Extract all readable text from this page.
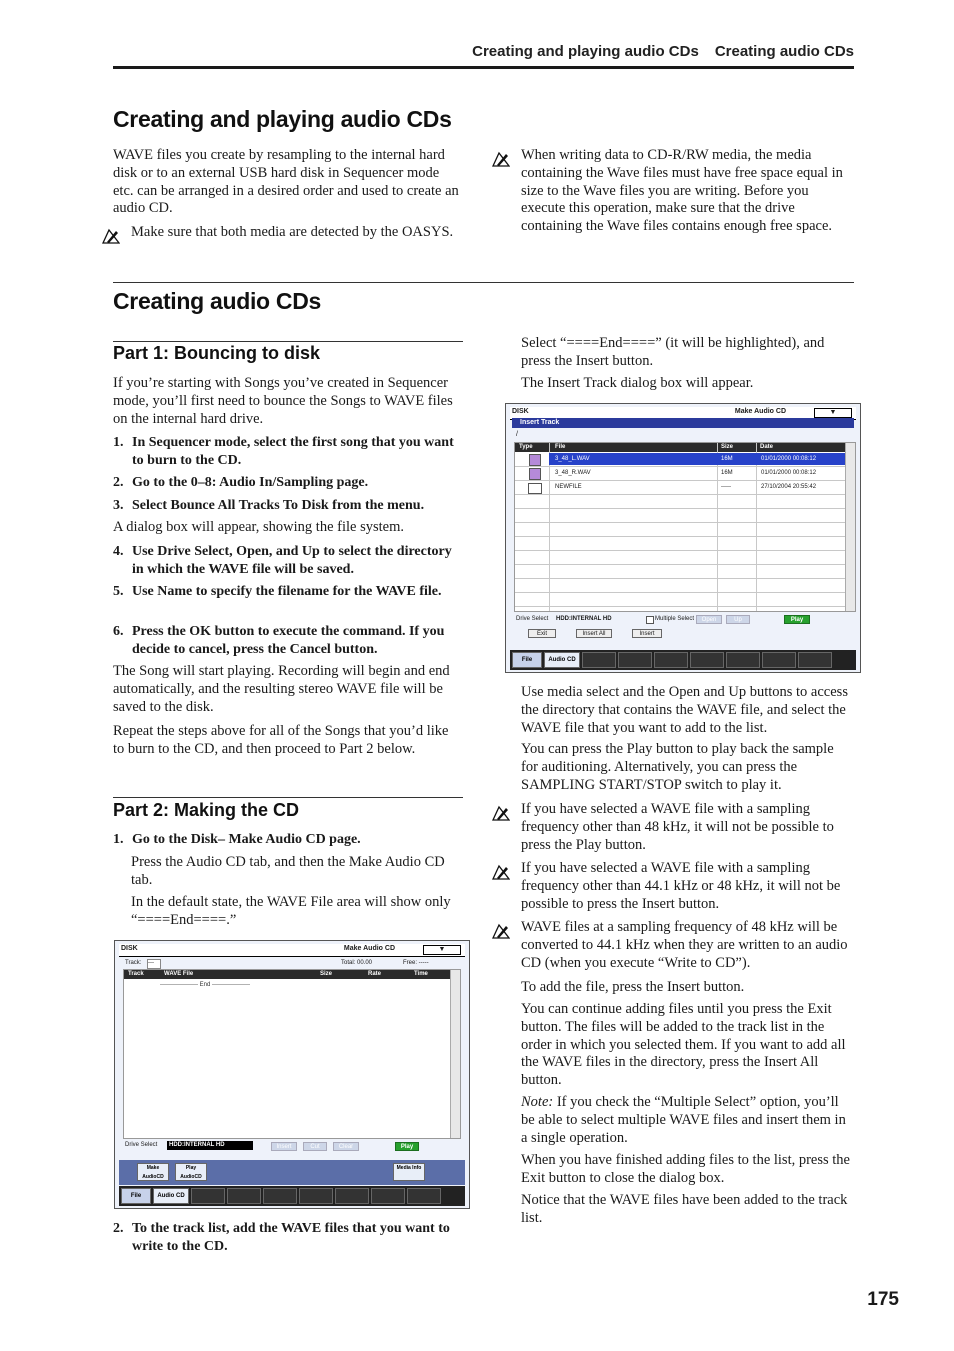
Creating and playing audio CDs Creating audio CDs
Creating and playing audio CDs

WAVE files you create by resampling to the internal hard disk or to an external USB hard disk in Sequencer mode etc. can be arranged in a desired order and used to create an audio CD.

Make sure that both media are detected by the OASYS.
When writing data to CD-R/RW media, the media containing the Wave files must have free space equal in size to the Wave files you are writing. Before you execute this operation, make sure that the drive containing the Wave files contains enough free space.
Creating audio CDs
Part 1: Bouncing to disk

If you’re starting with Songs you’ve created in Sequencer mode, you’ll first need to bounce the Songs to WAVE files on the internal hard drive.

1. In Sequencer mode, select the first song that you want to burn to the CD.
2. Go to the 0–8: Audio In/Sampling page.
3. Select Bounce All Tracks To Disk from the menu.

A dialog box will appear, showing the file system.

4. Use Drive Select, Open, and Up to select the directory in which the WAVE file will be saved.
5. Use Name to specify the filename for the WAVE file.
6. Press the OK button to execute the command. If you decide to cancel, press the Cancel button.

The Song will start playing. Recording will begin and end automatically, and the resulting stereo WAVE file will be saved to the disk.

Repeat the steps above for all of the Songs that you’d like to burn to the CD, and then proceed to Part 2 below.

Part 2: Making the CD
1. Go to the Disk– Make Audio CD page.

Press the Audio CD tab, and then the Make Audio CD tab.

In the default state, the WAVE File area will show only “====End====.”

DISK	Make Audio CD	▼
Track: ---	Total: 00.00	Free: -----
Track	WAVE File	Size	Rate	Time
------------------- End -------------------
Drive Select	HDD:INTERNAL HD	Insert	Cut	Clear	Play
Make AudioCD
Play AudioCD
Media Info
File	Audio CD
2. To the track list, add the WAVE files that you want to write to the CD.

Select “====End====” (it will be highlighted), and press the Insert button.

The Insert Track dialog box will appear.

DISK	Make Audio CD	▼
Insert Track
/
Type	File	Size	Date
3_48_L.WAV	16M	01/01/2000 00:08:12
3_48_R.WAV	16M	01/01/2000 00:08:12
NEWFILE	-----	27/10/2004 20:55:42
Drive Select HDD:INTERNAL HD	Multiple Select	Open	Up	Play
Exit	Insert All	Insert
File	Audio CD

Use media select and the Open and Up buttons to access the directory that contains the WAVE file, and select the WAVE file that you want to add to the list.

You can press the Play button to play back the sample for auditioning. Alternatively, you can press the SAMPLING START/STOP switch to play it.

If you have selected a WAVE file with a sampling frequency other than 48 kHz, it will not be possible to press the Play button.
If you have selected a WAVE file with a sampling frequency other than 44.1 kHz or 48 kHz, it will not be possible to press the Insert button.
WAVE files at a sampling frequency of 48 kHz will be converted to 44.1 kHz when they are written to an audio CD (when you execute “Write to CD”).

To add the file, press the Insert button.

You can continue adding files until you press the Exit button. The files will be added to the track list in the order in which you selected them. If you want to add all the WAVE files in the directory, press the Insert All button.

Note: If you check the “Multiple Select” option, you’ll be able to select multiple WAVE files and insert them in a single operation.

When you have finished adding files to the list, press the Exit button to close the dialog box.

Notice that the WAVE files have been added to the track list.

175
